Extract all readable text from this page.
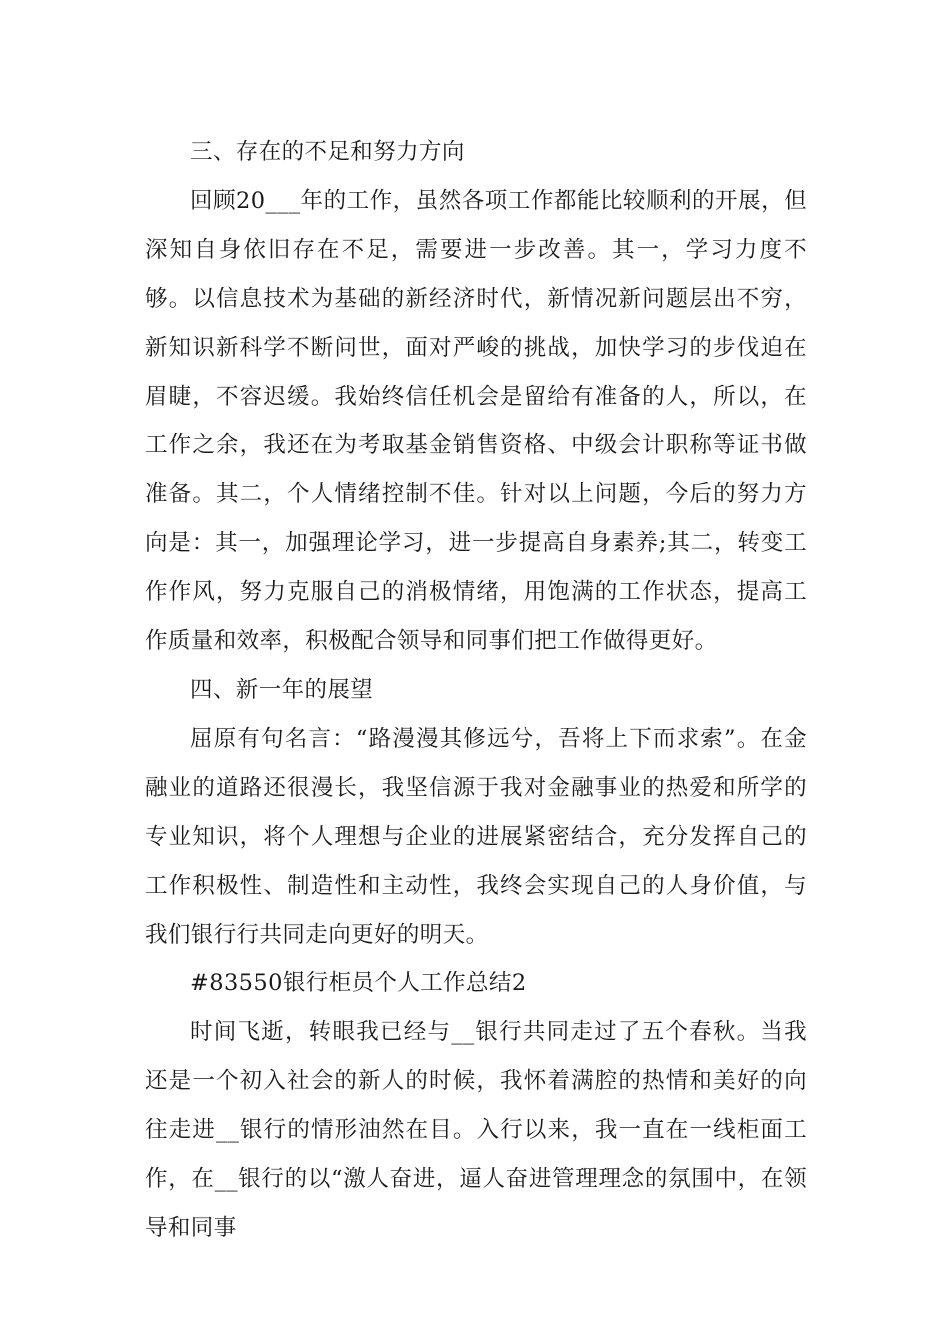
三、存在的不足和努力方向

回顾20___年的工作，虽然各项工作都能比较顺利的开展，但深知自身依旧存在不足，需要进一步改善。其一，学习力度不够。以信息技术为基础的新经济时代，新情况新问题层出不穷，新知识新科学不断问世，面对严峻的挑战，加快学习的步伐迫在眉睫，不容迟缓。我始终信任机会是留给有准备的人，所以，在工作之余，我还在为考取基金销售资格、中级会计职称等证书做准备。其二，个人情绪控制不佳。针对以上问题，今后的努力方向是：其一，加强理论学习，进一步提高自身素养;其二，转变工作作风，努力克服自己的消极情绪，用饱满的工作状态，提高工作质量和效率，积极配合领导和同事们把工作做得更好。

四、新一年的展望

屈原有句名言：“路漫漫其修远兮，吾将上下而求索”。在金融业的道路还很漫长，我坚信源于我对金融事业的热爱和所学的专业知识，将个人理想与企业的进展紧密结合，充分发挥自己的工作积极性、制造性和主动性，我终会实现自己的人身价值，与我们银行行共同走向更好的明天。

#83550银行柜员个人工作总结2

时间飞逝，转眼我已经与__银行共同走过了五个春秋。当我还是一个初入社会的新人的时候，我怀着满腔的热情和美好的向往走进__银行的情形油然在目。入行以来，我一直在一线柜面工作，在__银行的以“激人奋进，逼人奋进管理理念的氛围中，在领导和同事
